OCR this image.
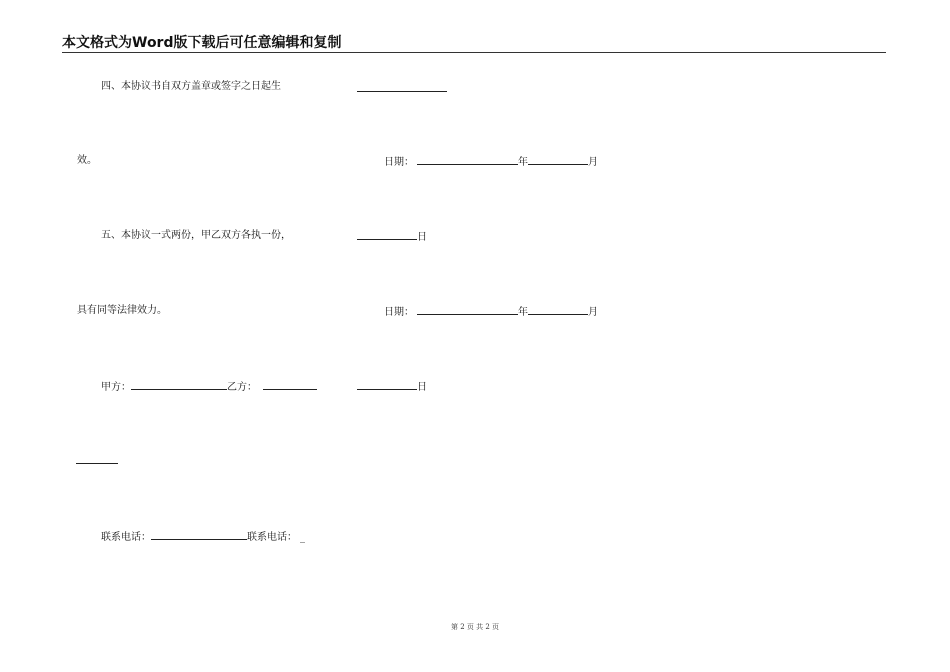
本文格式为Word版下载后可任意编辑和复制
四、本协议书自双方盖章或签字之日起生
效。
五、本协议一式两份，甲乙双方各执一份，
具有同等法律效力。
甲方：	乙方：
联系电话：	联系电话： _
日期：	年	月
日
日期：	年	月
日
第 2 页 共 2 页
